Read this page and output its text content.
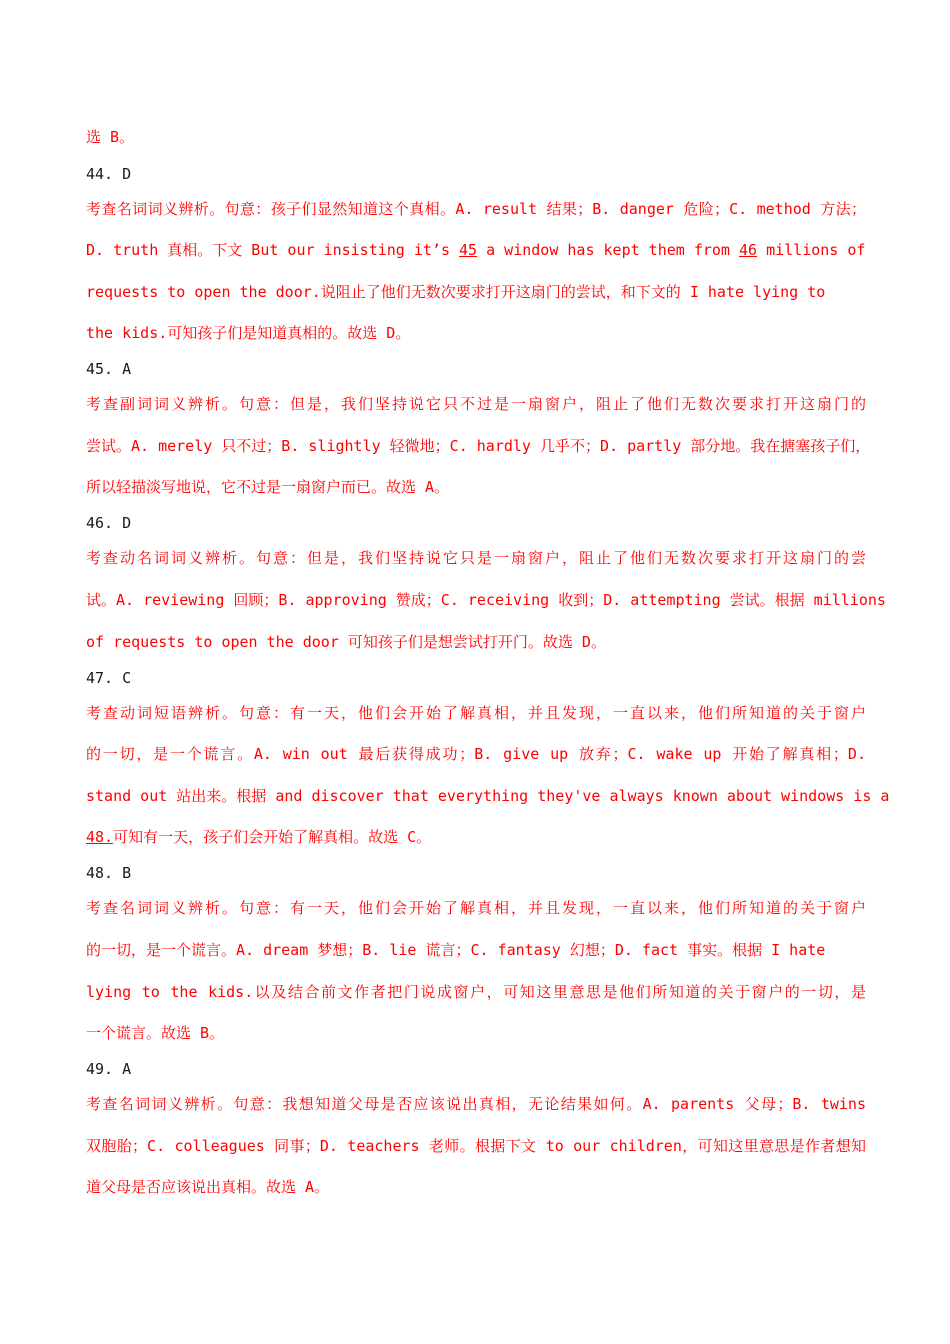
选 B。
44. D
考查名词词义辨析。句意：孩子们显然知道这个真相。A. result 结果；B. danger 危险；C. method 方法；
D. truth 真相。下文 But our insisting it’s 45 a window has kept them from 46 millions of
requests to open the door.说阻止了他们无数次要求打开这扇门的尝试，和下文的 I hate lying to
the kids.可知孩子们是知道真相的。故选 D。
45. A
考查副词词义辨析。句意：但是，我们坚持说它只不过是一扇窗户，阻止了他们无数次要求打开这扇门的
尝试。A. merely 只不过；B. slightly 轻微地；C. hardly 几乎不；D. partly 部分地。我在搪塞孩子们，
所以轻描淡写地说，它不过是一扇窗户而已。故选 A。
46. D
考查动名词词义辨析。句意：但是，我们坚持说它只是一扇窗户，阻止了他们无数次要求打开这扇门的尝
试。A. reviewing 回顾；B. approving 赞成；C. receiving 收到；D. attempting 尝试。根据 millions
of requests to open the door 可知孩子们是想尝试打开门。故选 D。
47. C
考查动词短语辨析。句意：有一天，他们会开始了解真相，并且发现，一直以来，他们所知道的关于窗户
的一切，是一个谎言。A. win out 最后获得成功；B. give up 放弃；C. wake up 开始了解真相；D.
stand out 站出来。根据 and discover that everything they've always known about windows is a
48.可知有一天，孩子们会开始了解真相。故选 C。
48. B
考查名词词义辨析。句意：有一天，他们会开始了解真相，并且发现，一直以来，他们所知道的关于窗户
的一切，是一个谎言。A. dream 梦想；B. lie 谎言；C. fantasy 幻想；D. fact 事实。根据 I hate
lying to the kids.以及结合前文作者把门说成窗户，可知这里意思是他们所知道的关于窗户的一切，是
一个谎言。故选 B。
49. A
考查名词词义辨析。句意：我想知道父母是否应该说出真相，无论结果如何。A. parents 父母；B. twins
双胞胎；C. colleagues 同事；D. teachers 老师。根据下文 to our children，可知这里意思是作者想知
道父母是否应该说出真相。故选 A。
